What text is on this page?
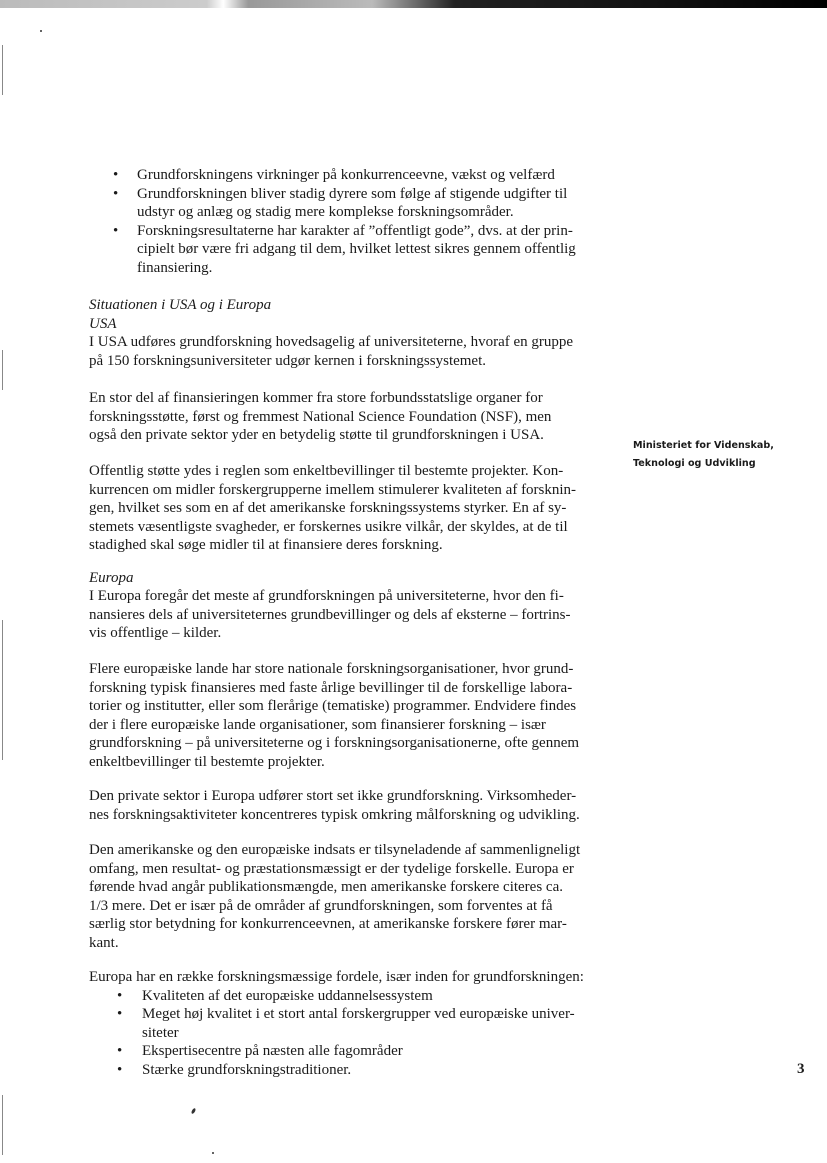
• Grundforskningens virkninger på konkurrenceevne, vækst og velfærd
• Grundforskningen bliver stadig dyrere som følge af stigende udgifter til
udstyr og anlæg og stadig mere komplekse forskningsområder.
• Forskningsresultaterne har karakter af ”offentligt gode”, dvs. at der prin-
cipielt bør være fri adgang til dem, hvilket lettest sikres gennem offentlig
finansiering.
Situationen i USA og i Europa
USA
I USA udføres grundforskning hovedsagelig af universiteterne, hvoraf en gruppe
på 150 forskningsuniversiteter udgør kernen i forskningssystemet.
En stor del af finansieringen kommer fra store forbundsstatslige organer for
forskningsstøtte, først og fremmest National Science Foundation (NSF), men
også den private sektor yder en betydelig støtte til grundforskningen i USA.
Offentlig støtte ydes i reglen som enkeltbevillinger til bestemte projekter. Kon-
kurrencen om midler forskergrupperne imellem stimulerer kvaliteten af forsknin-
gen, hvilket ses som en af det amerikanske forskningssystems styrker. En af sy-
stemets væsentligste svagheder, er forskernes usikre vilkår, der skyldes, at de til
stadighed skal søge midler til at finansiere deres forskning.
Europa
I Europa foregår det meste af grundforskningen på universiteterne, hvor den fi-
nansieres dels af universiteternes grundbevillinger og dels af eksterne – fortrins-
vis offentlige – kilder.
Flere europæiske lande har store nationale forskningsorganisationer, hvor grund-
forskning typisk finansieres med faste årlige bevillinger til de forskellige labora-
torier og institutter, eller som flerårige (tematiske) programmer. Endvidere findes
der i flere europæiske lande organisationer, som finansierer forskning – især
grundforskning – på universiteterne og i forskningsorganisationerne, ofte gennem
enkeltbevillinger til bestemte projekter.
Den private sektor i Europa udfører stort set ikke grundforskning. Virksomheder-
nes forskningsaktiviteter koncentreres typisk omkring målforskning og udvikling.
Den amerikanske og den europæiske indsats er tilsyneladende af sammenligneligt
omfang, men resultat- og præstationsmæssigt er der tydelige forskelle. Europa er
førende hvad angår publikationsmængde, men amerikanske forskere citeres ca.
1/3 mere. Det er især på de områder af grundforskningen, som forventes at få
særlig stor betydning for konkurrenceevnen, at amerikanske forskere fører mar-
kant.
Europa har en række forskningsmæssige fordele, især inden for grundforskningen:
• Kvaliteten af det europæiske uddannelsessystem
• Meget høj kvalitet i et stort antal forskergrupper ved europæiske univer-
siteter
• Ekspertisecentre på næsten alle fagområder
• Stærke grundforskningstraditioner.
Ministeriet for Videnskab,
Teknologi og Udvikling
3
